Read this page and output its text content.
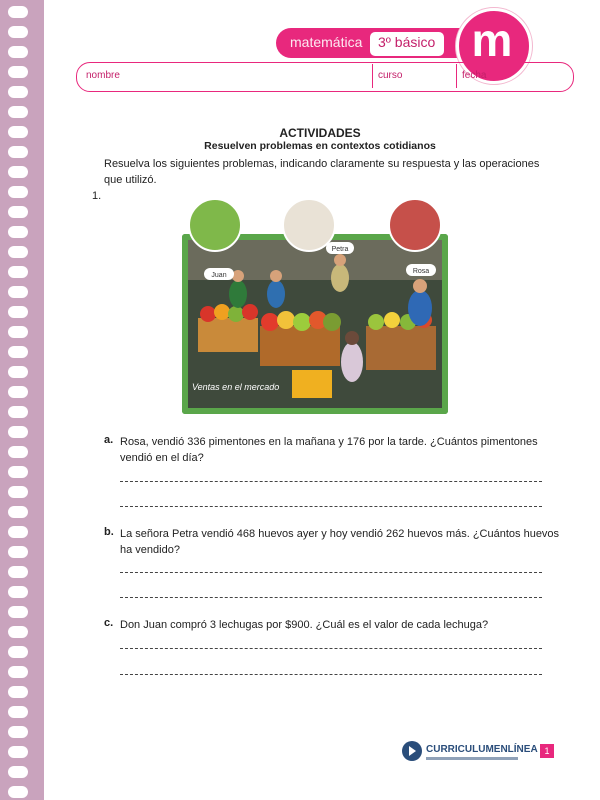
matemática 3º básico m
nombre	curso	fecha
ACTIVIDADES
Resuelven problemas en contextos cotidianos
Resuelva los siguientes problemas, indicando claramente su respuesta y las operaciones que utilizó.
1.
Juan
Petra
Rosa
Ventas en el mercado
a. Rosa, vendió 336 pimentones en la mañana y 176 por la tarde. ¿Cuántos pimentones vendió en el día?
b. La señora Petra vendió 468 huevos ayer y hoy vendió 262 huevos más. ¿Cuántos huevos ha vendido?
c. Don Juan compró 3 lechugas por $900. ¿Cuál es el valor de cada lechuga?
CURRICULUMENLÍNEA 1
